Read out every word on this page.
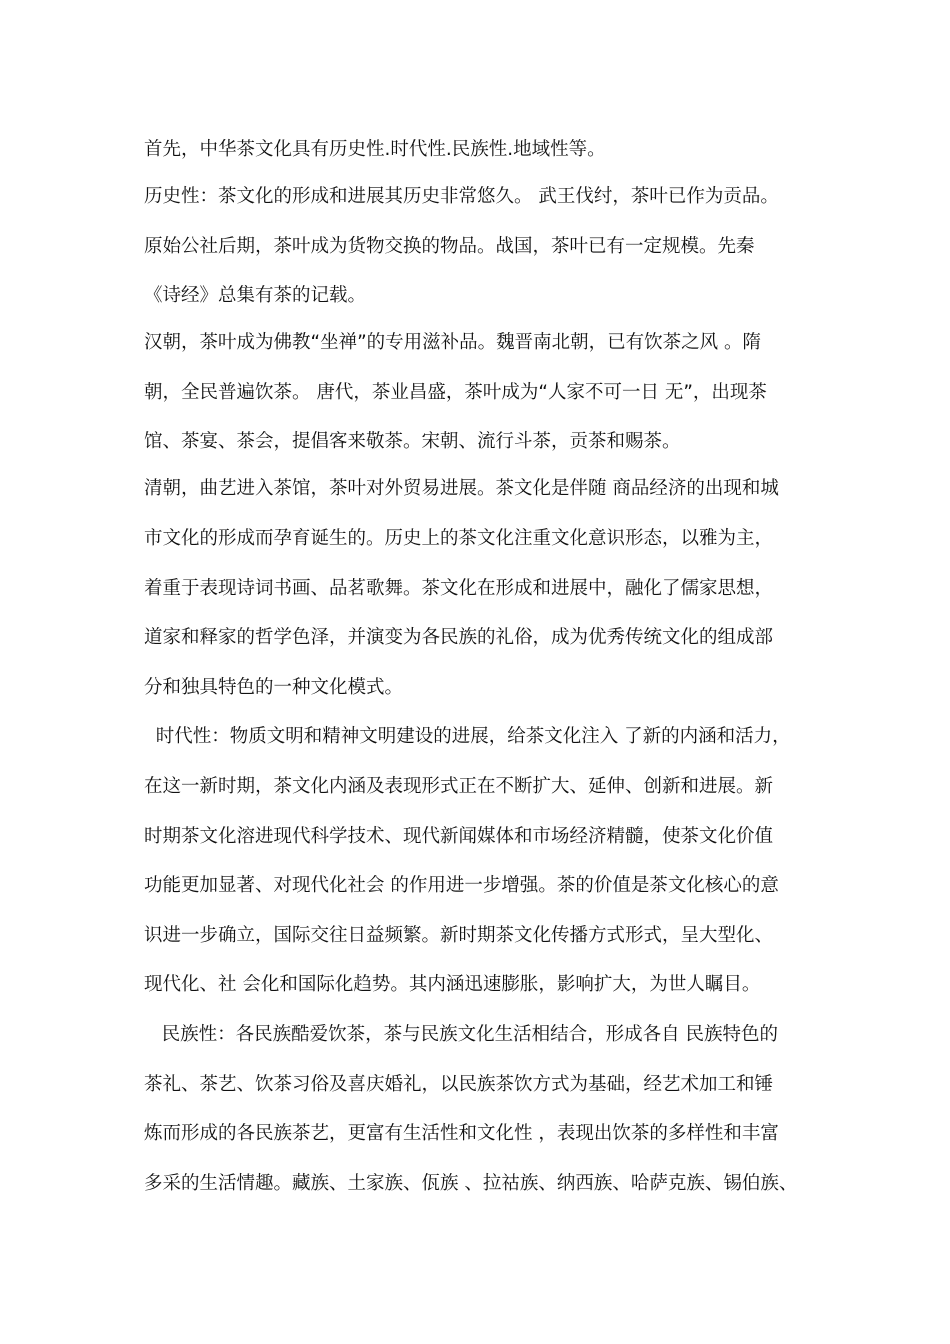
首先，中华茶文化具有历史性.时代性.民族性.地域性等。
历史性：茶文化的形成和进展其历史非常悠久。 武王伐纣，茶叶已作为贡品。
原始公社后期，茶叶成为货物交换的物品。战国，茶叶已有一定规模。先秦
《诗经》总集有茶的记载。
汉朝，茶叶成为佛教“坐禅”的专用滋补品。魏晋南北朝，已有饮茶之风 。隋
朝，全民普遍饮茶。 唐代，茶业昌盛，茶叶成为“人家不可一日 无”，出现茶
馆、茶宴、茶会，提倡客来敬茶。宋朝、流行斗茶，贡茶和赐茶。
清朝，曲艺进入茶馆，茶叶对外贸易进展。茶文化是伴随 商品经济的出现和城
市文化的形成而孕育诞生的。历史上的茶文化注重文化意识形态，以雅为主，
着重于表现诗词书画、品茗歌舞。茶文化在形成和进展中，融化了儒家思想，
道家和释家的哲学色泽，并演变为各民族的礼俗，成为优秀传统文化的组成部
分和独具特色的一种文化模式。
时代性：物质文明和精神文明建设的进展，给茶文化注入 了新的内涵和活力，
在这一新时期，茶文化内涵及表现形式正在不断扩大、延伸、创新和进展。新
时期茶文化溶进现代科学技术、现代新闻媒体和市场经济精髓，使茶文化价值
功能更加显著、对现代化社会 的作用进一步增强。茶的价值是茶文化核心的意
识进一步确立，国际交往日益频繁。新时期茶文化传播方式形式，呈大型化、
现代化、社 会化和国际化趋势。其内涵迅速膨胀，影响扩大，为世人瞩目。
民族性：各民族酷爱饮茶，茶与民族文化生活相结合，形成各自 民族特色的
茶礼、茶艺、饮茶习俗及喜庆婚礼，以民族茶饮方式为基础，经艺术加工和锤
炼而形成的各民族茶艺，更富有生活性和文化性 ，表现出饮茶的多样性和丰富
多采的生活情趣。藏族、土家族、佤族 、拉祜族、纳西族、哈萨克族、锡伯族、
